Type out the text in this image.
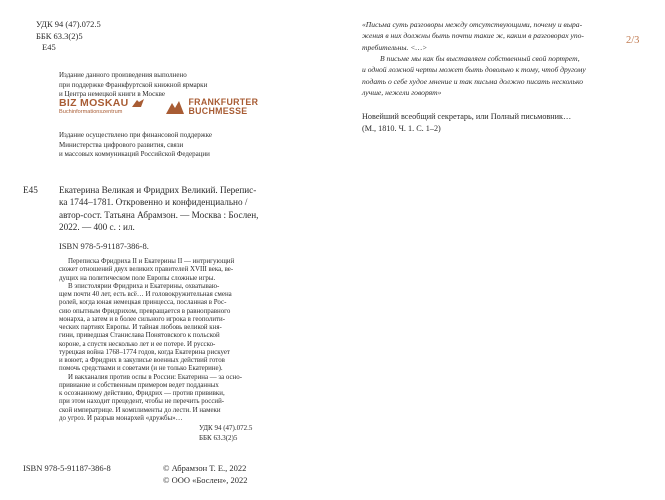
УДК 94 (47).072.5
ББК 63.3(2)5
Е45
Издание данного произведения выполнено
при поддержке Франкфуртской книжной ярмарки
и Центра немецкой книги в Москве
BIZ MOSKAU
Buchinformationszentrum
FRANKFURTER
BUCHMESSE
Издание осуществлено при финансовой поддержке
Министерства цифрового развития, связи
и массовых коммуникаций Российской Федерации
Е45 Екатерина Великая и Фридрих Великий. Перепис-
ка 1744–1781. Откровенно и конфиденциально /
автор-сост. Татьяна Абрамзон. — Москва : Бослен,
2022. — 400 с. : ил.
ISBN 978-5-91187-386-8.
Переписка Фридриха II и Екатерины II — интригующий
сюжет отношений двух великих правителей XVIII века, ве-
дущих на политическом поле Европы сложные игры.
В эпистолярии Фридриха и Екатерины, охватываю-
щем почти 40 лет, есть всё… И головокружительная смена
ролей, когда юная немецкая принцесса, посланная в Рос-
сию опытным Фридрихом, превращается в равноправного
монарха, а затем и в более сильного игрока в геополити-
ческих партиях Европы. И тайная любовь великой кня-
гини, приведшая Станислава Понятовского к польской
короне, а спустя несколько лет и ее потере. И русско-
турецкая война 1768–1774 годов, когда Екатерина рискует
и воюет, а Фридрих в закулисье военных действий готов
помочь средствами и советами (и не только Екатерине).
И вакханалия против оспы в России: Екатерина — за осно-
привиание и собственным примером ведет подданных
к осознанному действию, Фридрих — против прививки,
при этом находит прецедент, чтобы не перечить россий-
ской императрице. И комплименты до лести. И намеки
до угроз. И разрыв монархей «дружбы»…
УДК 94 (47).072.5
ББК 63.3(2)5
ISBN 978-5-91187-386-8	© Абрамзон Т. Е., 2022
© ООО «Бослен», 2022
2/3
«Письма суть разговоры между отсутствующими, почему и выра-
жения в них должны быть почти такие ж, каким в разговорах упо-
требительны. <…>
В письме мы как бы выставляем собственный свой портрет,
и одной ложной черты может быть довольно к тому, чтоб другому
подать о себе худое мнение и так письма должно писать несколько
лучше, нежели говорят»
Новейший всеобщий секретарь, или Полный письмовник…
(М., 1810. Ч. 1. С. 1–2)
